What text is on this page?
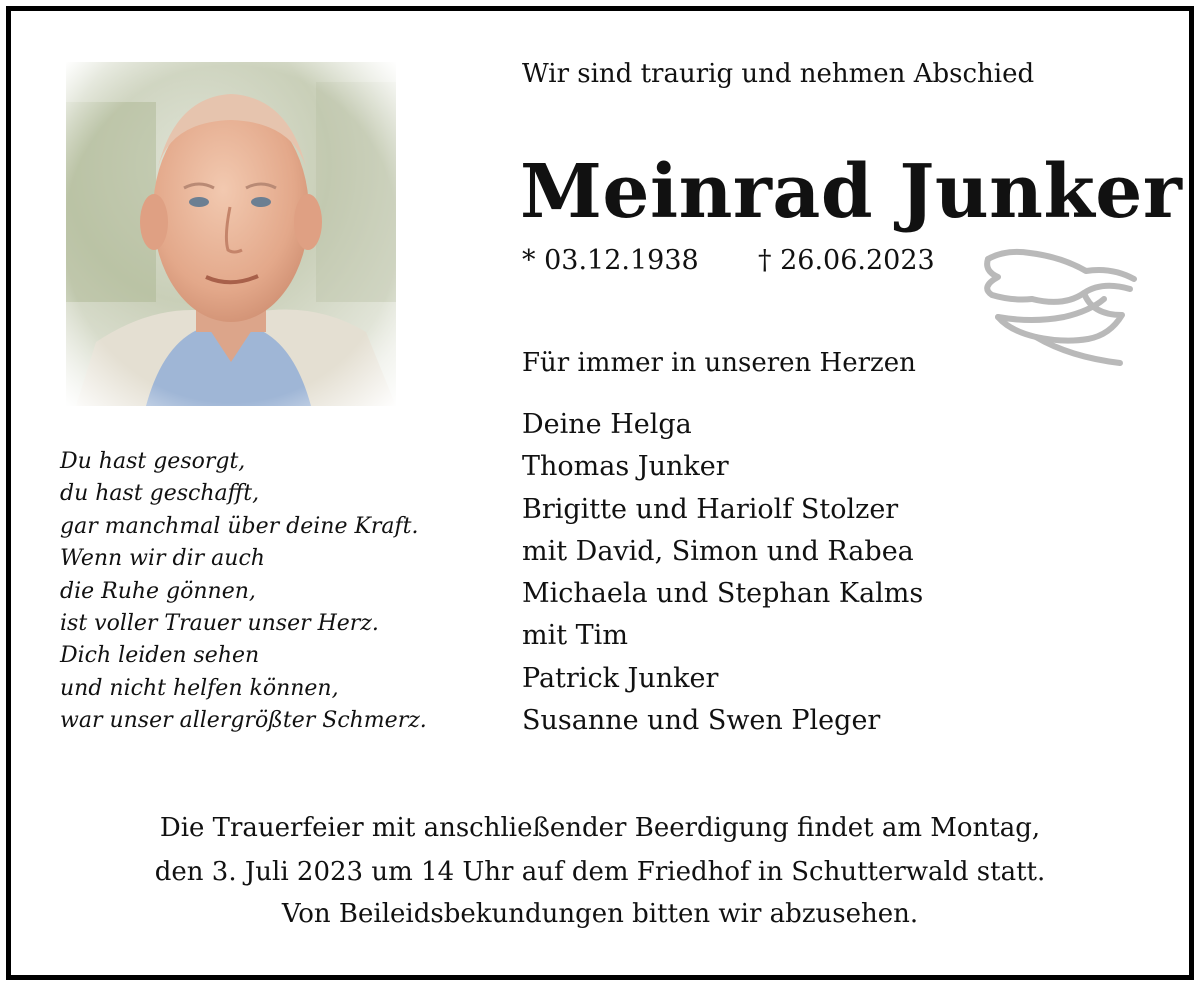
Wir sind traurig und nehmen Abschied
Meinrad Junker
* 03.12.1938 † 26.06.2023
Für immer in unseren Herzen
Deine Helga
Thomas Junker
Brigitte und Hariolf Stolzer
mit David, Simon und Rabea
Michaela und Stephan Kalms
mit Tim
Patrick Junker
Susanne und Swen Pleger
Du hast gesorgt,
du hast geschafft,
gar manchmal über deine Kraft.
Wenn wir dir auch
die Ruhe gönnen,
ist voller Trauer unser Herz.
Dich leiden sehen
und nicht helfen können,
war unser allergrößter Schmerz.
Die Trauerfeier mit anschließender Beerdigung findet am Montag,
den 3. Juli 2023 um 14 Uhr auf dem Friedhof in Schutterwald statt.
Von Beileidsbekundungen bitten wir abzusehen.
